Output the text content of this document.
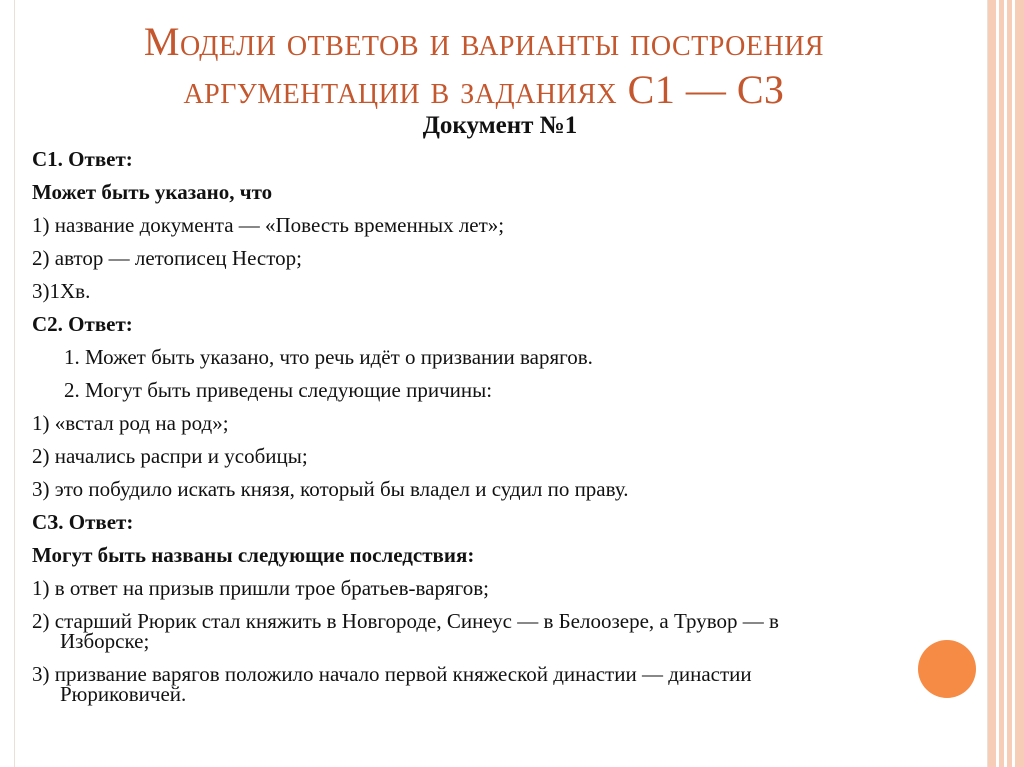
Модели ответов и варианты построения
аргументации в заданиях С1 — СЗ
Документ №1
С1. Ответ:
Может быть указано, что
1) название документа — «Повесть временных лет»;
2) автор — летописец Нестор;
3)1Хв.
С2. Ответ:
1. Может быть указано, что речь идёт о призвании варягов.
2. Могут быть приведены следующие причины:
1) «встал род на род»;
2) начались распри и усобицы;
3) это побудило искать князя, который бы владел и судил по праву.
СЗ. Ответ:
Могут быть названы следующие последствия:
1) в ответ на призыв пришли трое братьев-варягов;
2) старший Рюрик стал княжить в Новгороде, Синеус — в Белоозере, а Трувор — в
Изборске;
3) призвание варягов положило начало первой княжеской династии — династии
Рюриковичей.
